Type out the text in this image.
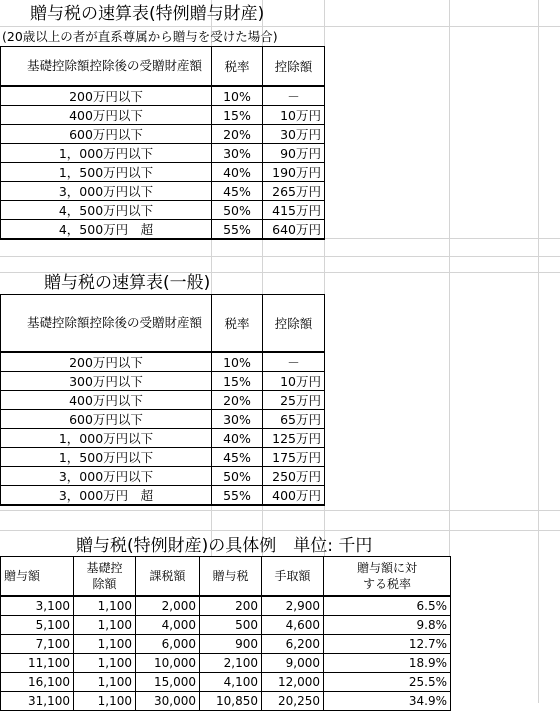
贈与税の速算表(特例贈与財産)
(20歳以上の者が直系尊属から贈与を受けた場合)
基礎控除額控除後の受贈財産額	税率	控除額
200万円以下	10%	－
400万円以下	15%	10万円
600万円以下	20%	30万円
1，000万円以下	30%	90万円
1，500万円以下	40%	190万円
3，000万円以下	45%	265万円
4，500万円以下	50%	415万円
4，500万円　超	55%	640万円
贈与税の速算表(一般)
基礎控除額控除後の受贈財産額	税率	控除額
200万円以下	10%	－
300万円以下	15%	10万円
400万円以下	20%	25万円
600万円以下	30%	65万円
1，000万円以下	40%	125万円
1，500万円以下	45%	175万円
3，000万円以下	50%	250万円
3，000万円　超	55%	400万円
贈与税(特例財産)の具体例　単位: 千円
贈与額	基礎控除額	課税額	贈与税	手取額	贈与額に対する税率
3,100	1,100	2,000	200	2,900	6.5%
5,100	1,100	4,000	500	4,600	9.8%
7,100	1,100	6,000	900	6,200	12.7%
11,100	1,100	10,000	2,100	9,000	18.9%
16,100	1,100	15,000	4,100	12,000	25.5%
31,100	1,100	30,000	10,850	20,250	34.9%
